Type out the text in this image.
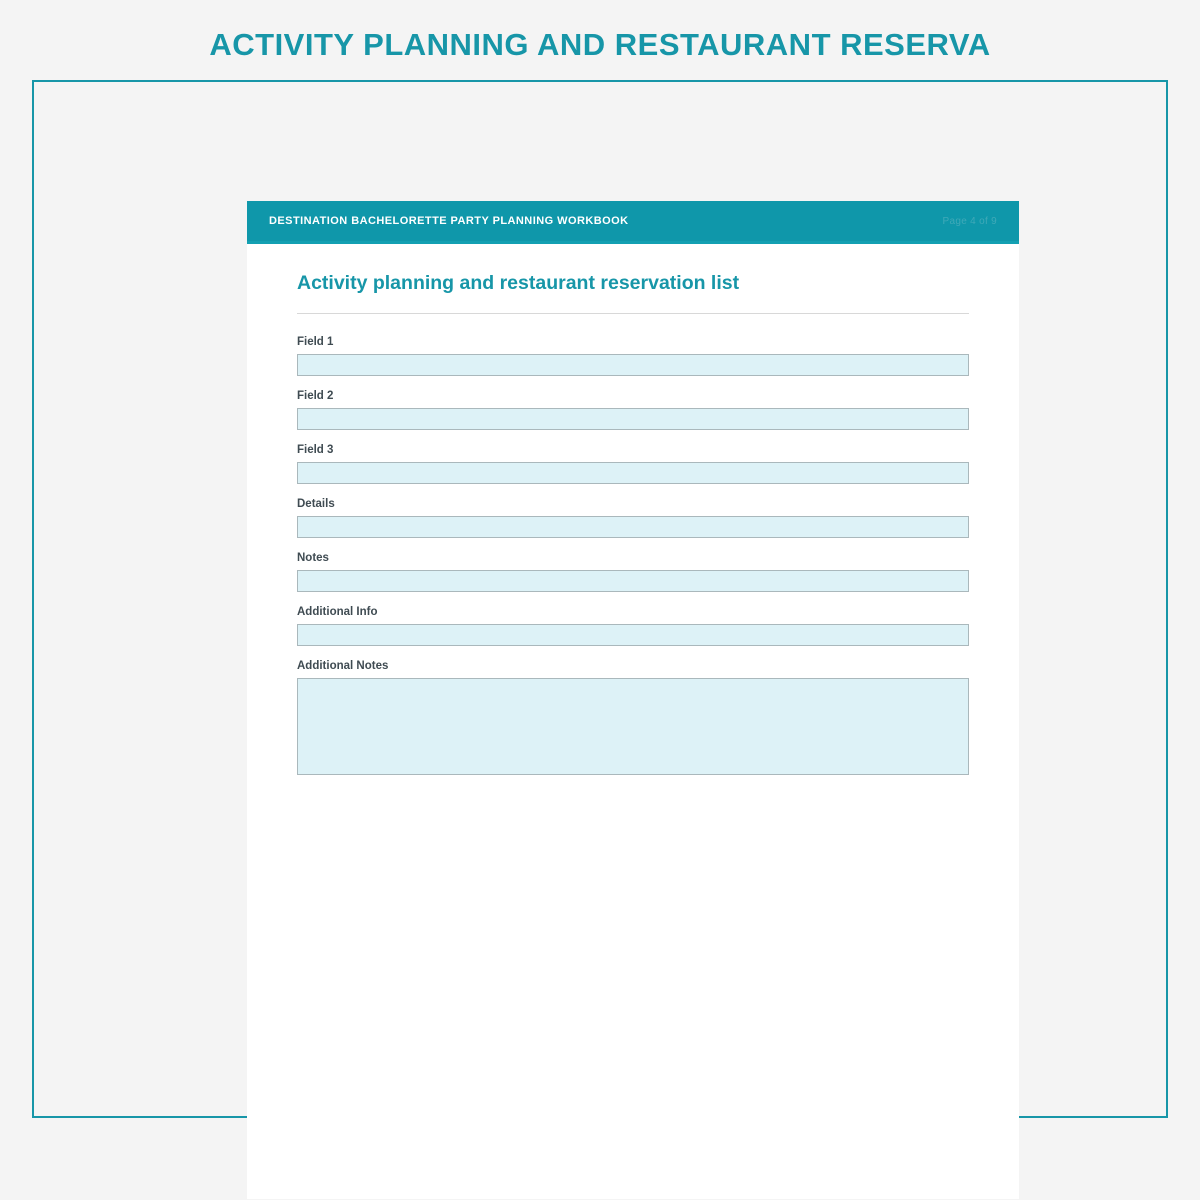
ACTIVITY PLANNING AND RESTAURANT RESERVA
DESTINATION BACHELORETTE PARTY PLANNING WORKBOOK	Page 4 of 9
Activity planning and restaurant reservation list
Field 1
Field 2
Field 3
Details
Notes
Additional Info
Additional Notes
